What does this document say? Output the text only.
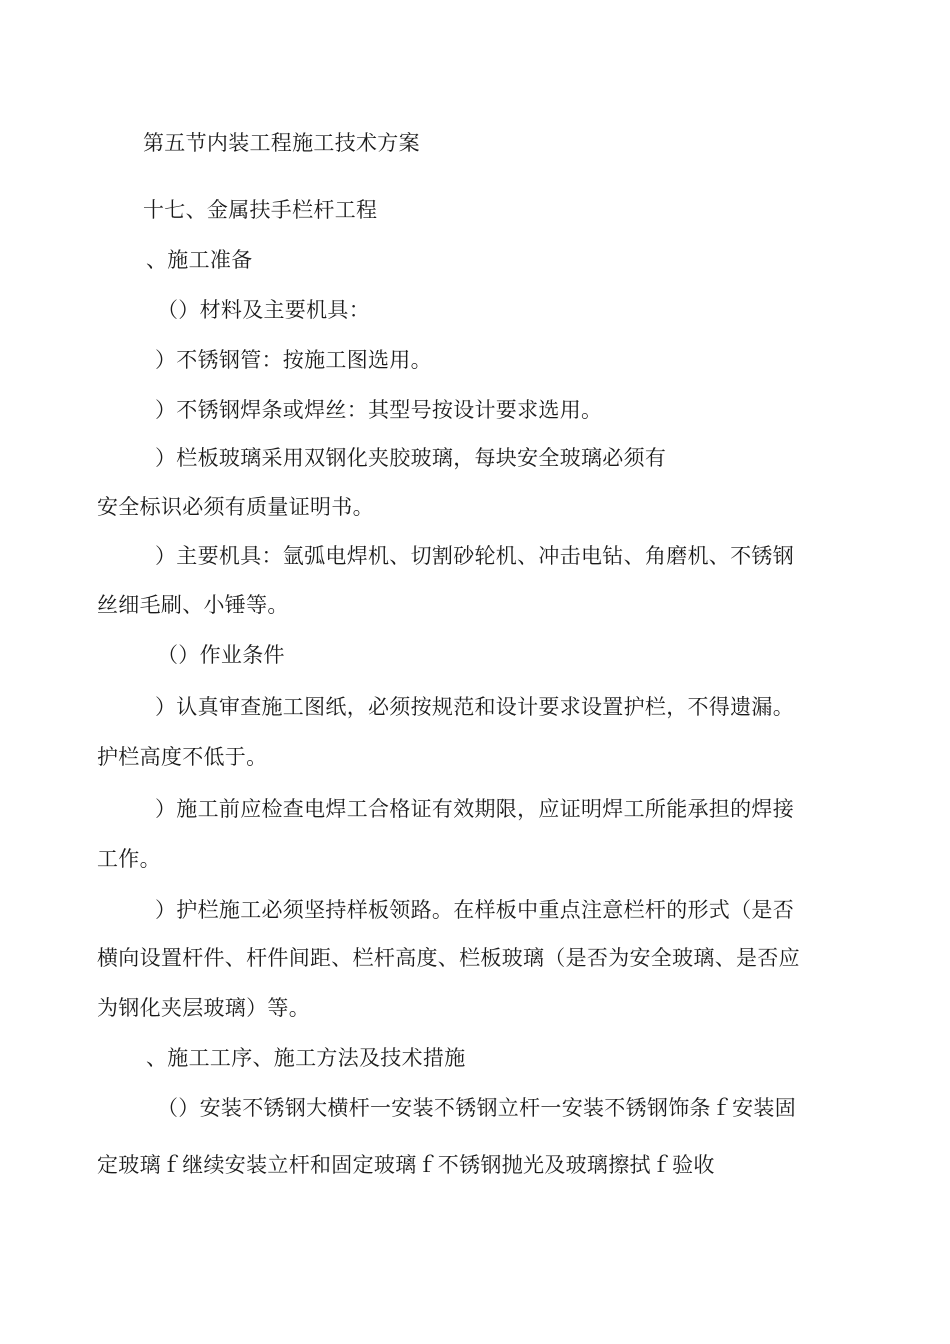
第五节内装工程施工技术方案
十七、金属扶手栏杆工程
、施工准备
（）材料及主要机具：
）不锈钢管：按施工图选用。
）不锈钢焊条或焊丝：其型号按设计要求选用。
）栏板玻璃采用双钢化夹胶玻璃，每块安全玻璃必须有
安全标识必须有质量证明书。
）主要机具：氩弧电焊机、切割砂轮机、冲击电钻、角磨机、不锈钢
丝细毛刷、小锤等。
（）作业条件
）认真审查施工图纸，必须按规范和设计要求设置护栏，不得遗漏。
护栏高度不低于。
）施工前应检查电焊工合格证有效期限，应证明焊工所能承担的焊接
工作。
）护栏施工必须坚持样板领路。在样板中重点注意栏杆的形式（是否
横向设置杆件、杆件间距、栏杆高度、栏板玻璃（是否为安全玻璃、是否应
为钢化夹层玻璃）等。
、施工工序、施工方法及技术措施
（）安装不锈钢大横杆一安装不锈钢立杆一安装不锈钢饰条ｆ安装固
定玻璃ｆ继续安装立杆和固定玻璃ｆ不锈钢抛光及玻璃擦拭ｆ验收
